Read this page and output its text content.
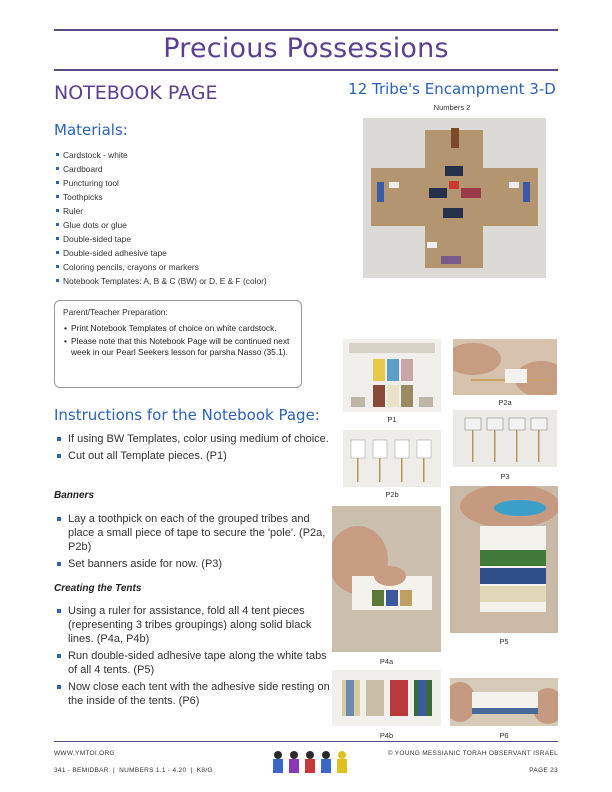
Precious Possessions
NOTEBOOK PAGE
Materials:
Cardstock - white
Cardboard
Puncturing tool
Toothpicks
Ruler
Glue dots or glue
Double-sided tape
Double-sided adhesive tape
Coloring pencils, crayons or markers
Notebook Templates: A, B & C (BW) or D, E & F (color)
Parent/Teacher Preparation:
• Print Notebook Templates of choice on white cardstock.
• Please note that this Notebook Page will be continued next week in our Pearl Seekers lesson for parsha Nasso (35.1).
Instructions for the Notebook Page:
If using BW Templates, color using medium of choice.
Cut out all Template pieces. (P1)
Banners
Lay a toothpick on each of the grouped tribes and place a small piece of tape to secure the 'pole'. (P2a, P2b)
Set banners aside for now. (P3)
Creating the Tents
Using a ruler for assistance, fold all 4 tent pieces (representing 3 tribes groupings) along solid black lines. (P4a, P4b)
Run double-sided adhesive tape along the white tabs of all 4 tents. (P5)
Now close each tent with the adhesive side resting on the inside of the tents. (P6)
12 Tribe's Encampment 3-D
Numbers 2
P1
P2a
P2b
P3
P4a
P5
P4b	P6
WWW.YMTOI.ORG
341 - BEMIDBAR  |  NUMBERS 1.1 - 4.20  |  K8/G
© YOUNG MESSIANIC TORAH OBSERVANT ISRAEL
PAGE 23
